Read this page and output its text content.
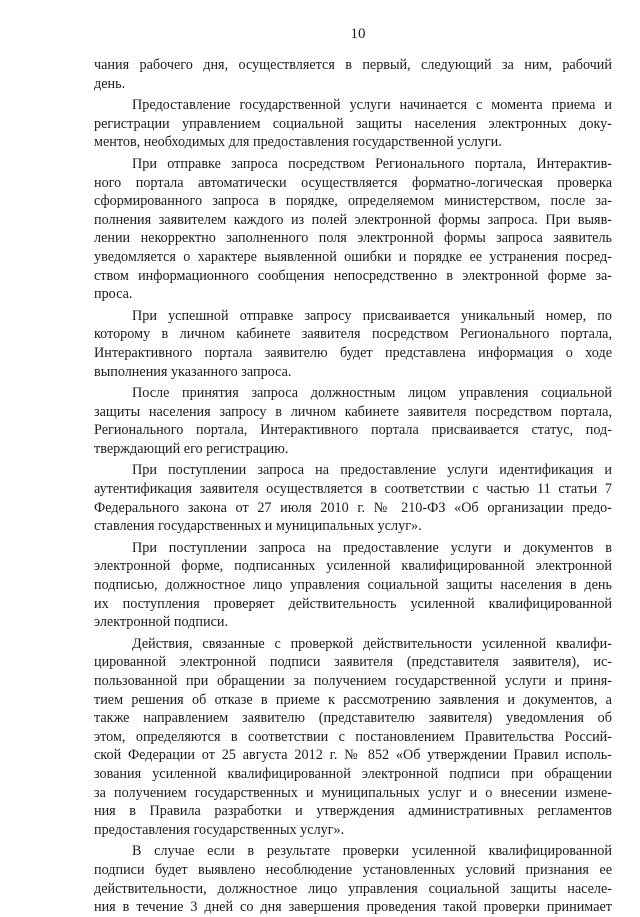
10

чания рабочего дня, осуществляется в первый, следующий за ним, рабочий
день.

Предоставление государственной услуги начинается с момента приема и
регистрации управлением социальной защиты населения электронных доку-
ментов, необходимых для предоставления государственной услуги.

При отправке запроса посредством Регионального портала, Интерактив-
ного портала автоматически осуществляется форматно-логическая проверка
сформированного запроса в порядке, определяемом министерством, после за-
полнения заявителем каждого из полей электронной формы запроса. При выяв-
лении некорректно заполненного поля электронной формы запроса заявитель
уведомляется о характере выявленной ошибки и порядке ее устранения посред-
ством информационного сообщения непосредственно в электронной форме за-
проса.

При успешной отправке запросу присваивается уникальный номер, по
которому в личном кабинете заявителя посредством Регионального портала,
Интерактивного портала заявителю будет представлена информация о ходе
выполнения указанного запроса.

После принятия запроса должностным лицом управления социальной
защиты населения запросу в личном кабинете заявителя посредством портала,
Регионального портала, Интерактивного портала присваивается статус, под-
тверждающий его регистрацию.

При поступлении запроса на предоставление услуги идентификация и
аутентификация заявителя осуществляется в соответствии с частью 11 статьи 7
Федерального закона от 27 июля 2010 г. № 210-ФЗ «Об организации предо-
ставления государственных и муниципальных услуг».

При поступлении запроса на предоставление услуги и документов в
электронной форме, подписанных усиленной квалифицированной электронной
подписью, должностное лицо управления социальной защиты населения в день
их поступления проверяет действительность усиленной квалифицированной
электронной подписи.

Действия, связанные с проверкой действительности усиленной квалифи-
цированной электронной подписи заявителя (представителя заявителя), ис-
пользованной при обращении за получением государственной услуги и приня-
тием решения об отказе в приеме к рассмотрению заявления и документов, а
также направлением заявителю (представителю заявителя) уведомления об
этом, определяются в соответствии с постановлением Правительства Россий-
ской Федерации от 25 августа 2012 г. № 852 «Об утверждении Правил исполь-
зования усиленной квалифицированной электронной подписи при обращении
за получением государственных и муниципальных услуг и о внесении измене-
ния в Правила разработки и утверждения административных регламентов
предоставления государственных услуг».

В случае если в результате проверки усиленной квалифицированной
подписи будет выявлено несоблюдение установленных условий признания ее
действительности, должностное лицо управления социальной защиты населе-
ния в течение 3 дней со дня завершения проведения такой проверки принимает
